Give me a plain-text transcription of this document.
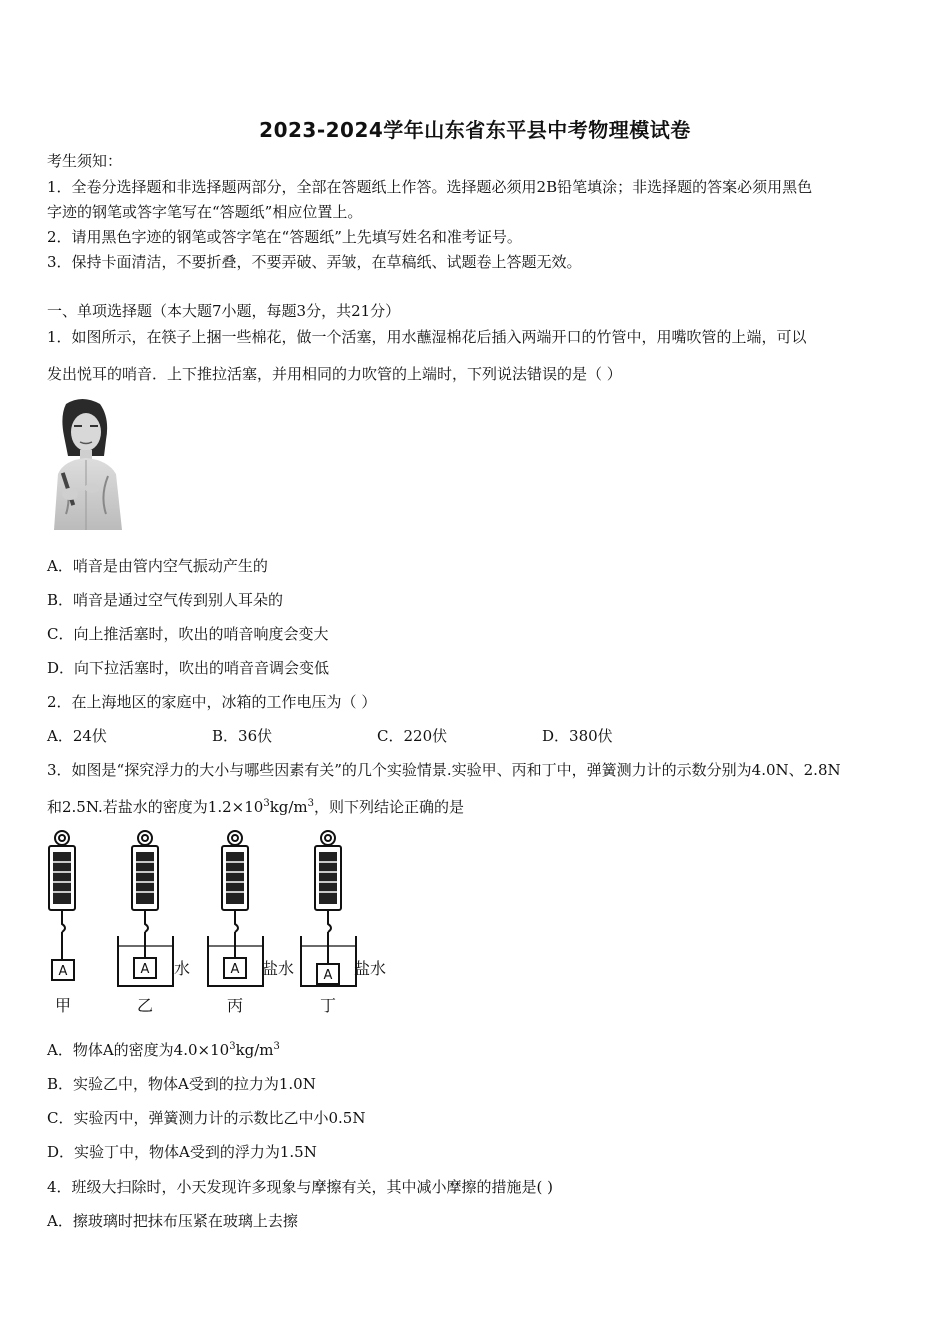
2023-2024学年山东省东平县中考物理模试卷
考生须知：
1．全卷分选择题和非选择题两部分，全部在答题纸上作答。选择题必须用2B铅笔填涂；非选择题的答案必须用黑色
字迹的钢笔或答字笔写在“答题纸”相应位置上。
2．请用黑色字迹的钢笔或答字笔在“答题纸”上先填写姓名和准考证号。
3．保持卡面清洁，不要折叠，不要弄破、弄皱，在草稿纸、试题卷上答题无效。
一、单项选择题（本大题7小题，每题3分，共21分）
1．如图所示，在筷子上捆一些棉花，做一个活塞，用水蘸湿棉花后插入两端开口的竹管中，用嘴吹管的上端，可以
发出悦耳的哨音．上下推拉活塞，并用相同的力吹管的上端时，下列说法错误的是（ ）
A．哨音是由管内空气振动产生的
B．哨音是通过空气传到别人耳朵的
C．向上推活塞时，吹出的哨音响度会变大
D．向下拉活塞时，吹出的哨音音调会变低
2．在上海地区的家庭中，冰箱的工作电压为（ ）
A．24伏	B．36伏	C．220伏	D．380伏
3．如图是“探究浮力的大小与哪些因素有关”的几个实验情景.实验甲、丙和丁中，弹簧测力计的示数分别为4.0N、2.8N
和2.5N.若盐水的密度为$1.2\times 10^3kg/m^3$，则下列结论正确的是
A	A	A	A
水	盐水	盐水
甲	乙	丙	丁
A．物体A的密度为$4.0\times 10^3kg/m^3$
B．实验乙中，物体A受到的拉力为1.0N
C．实验丙中，弹簧测力计的示数比乙中小0.5N
D．实验丁中，物体A受到的浮力为1.5N
4．班级大扫除时，小天发现许多现象与摩擦有关，其中减小摩擦的措施是( )
A．擦玻璃时把抹布压紧在玻璃上去擦
